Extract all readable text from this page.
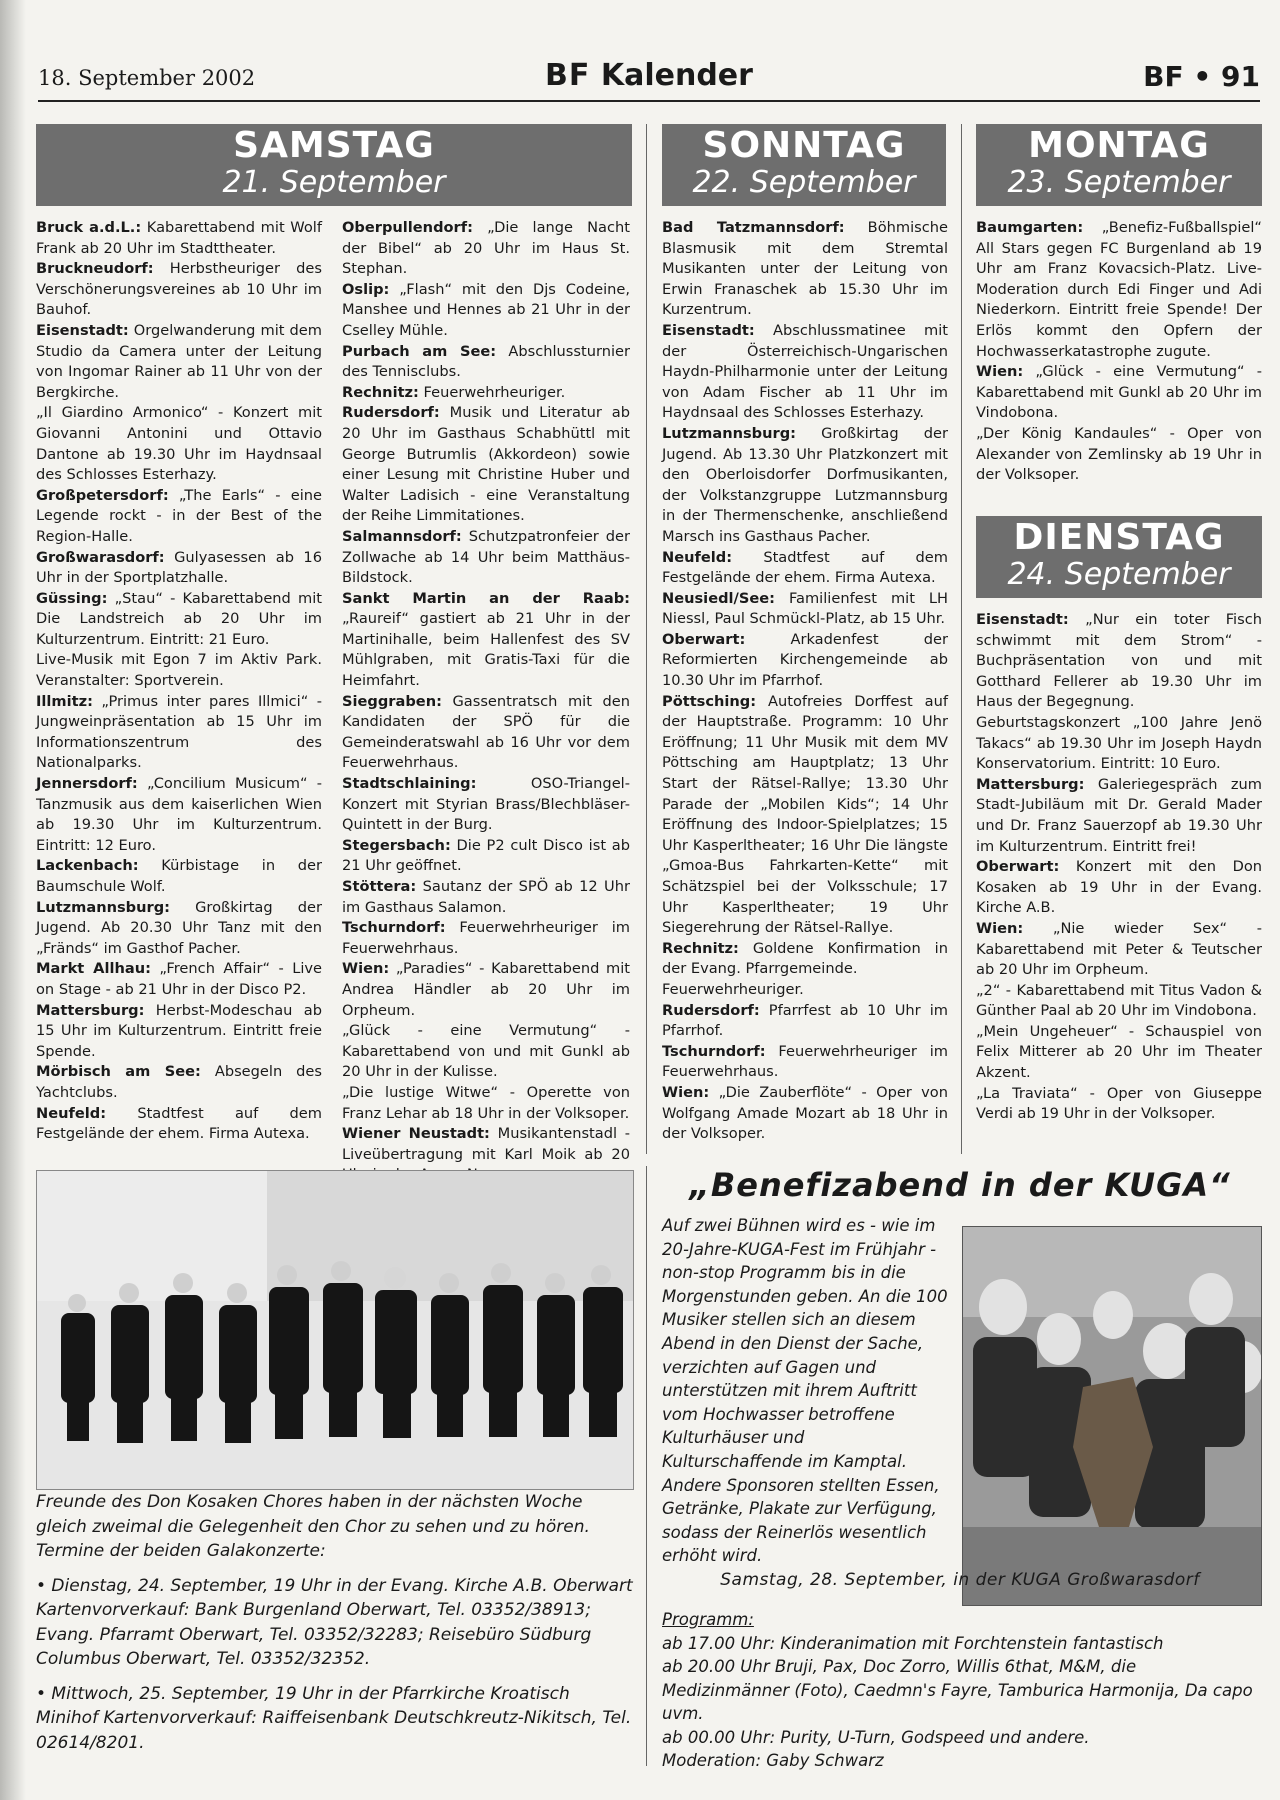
18. September 2002	BF Kalender	BF • 91
SAMSTAG
21. September
SONNTAG
22. September
MONTAG
23. September
DIENSTAG
24. September

Bruck a.d.L.: Kabarettabend mit Wolf Frank ab 20 Uhr im Stadttheater.

Bruckneudorf: Herbstheuriger des Verschönerungsvereines ab 10 Uhr im Bauhof.

Eisenstadt: Orgelwanderung mit dem Studio da Camera unter der Leitung von Ingomar Rainer ab 11 Uhr von der Bergkirche.

„Il Giardino Armonico“ - Konzert mit Giovanni Antonini und Ottavio Dantone ab 19.30 Uhr im Haydnsaal des Schlosses Esterhazy.

Großpetersdorf: „The Earls“ - eine Legende rockt - in der Best of the Region-Halle.

Großwarasdorf: Gulyasessen ab 16 Uhr in der Sportplatzhalle.

Güssing: „Stau“ - Kabarettabend mit Die Landstreich ab 20 Uhr im Kulturzentrum. Eintritt: 21 Euro.

Live-Musik mit Egon 7 im Aktiv Park. Veranstalter: Sportverein.

Illmitz: „Primus inter pares Illmici“ - Jungweinpräsentation ab 15 Uhr im Informationszentrum des Nationalparks.

Jennersdorf: „Concilium Musicum“ - Tanzmusik aus dem kaiserlichen Wien ab 19.30 Uhr im Kulturzentrum. Eintritt: 12 Euro.

Lackenbach: Kürbistage in der Baumschule Wolf.

Lutzmannsburg: Großkirtag der Jugend. Ab 20.30 Uhr Tanz mit den „Fränds“ im Gasthof Pacher.

Markt Allhau: „French Affair“ - Live on Stage - ab 21 Uhr in der Disco P2.

Mattersburg: Herbst-Modeschau ab 15 Uhr im Kulturzentrum. Eintritt freie Spende.

Mörbisch am See: Absegeln des Yachtclubs.

Neufeld: Stadtfest auf dem Festgelände der ehem. Firma Autexa.

Oberpullendorf: „Die lange Nacht der Bibel“ ab 20 Uhr im Haus St. Stephan.

Oslip: „Flash“ mit den Djs Codeine, Manshee und Hennes ab 21 Uhr in der Cselley Mühle.

Purbach am See: Abschlussturnier des Tennisclubs.

Rechnitz: Feuerwehrheuriger.

Rudersdorf: Musik und Literatur ab 20 Uhr im Gasthaus Schabhüttl mit George Butrumlis (Akkordeon) sowie einer Lesung mit Christine Huber und Walter Ladisich - eine Veranstaltung der Reihe Limmitationes.

Salmannsdorf: Schutzpatronfeier der Zollwache ab 14 Uhr beim Matthäus-Bildstock.

Sankt Martin an der Raab: „Raureif“ gastiert ab 21 Uhr in der Martinihalle, beim Hallenfest des SV Mühlgraben, mit Gratis-Taxi für die Heimfahrt.

Sieggraben: Gassentratsch mit den Kandidaten der SPÖ für die Gemeinderatswahl ab 16 Uhr vor dem Feuerwehrhaus.

Stadtschlaining: OSO-Triangel-Konzert mit Styrian Brass/Blechbläser-Quintett in der Burg.

Stegersbach: Die P2 cult Disco ist ab 21 Uhr geöffnet.

Stöttera: Sautanz der SPÖ ab 12 Uhr im Gasthaus Salamon.

Tschurndorf: Feuerwehrheuriger im Feuerwehrhaus.

Wien: „Paradies“ - Kabarettabend mit Andrea Händler ab 20 Uhr im Orpheum.

„Glück - eine Vermutung“ - Kabarettabend von und mit Gunkl ab 20 Uhr in der Kulisse.

„Die lustige Witwe“ - Operette von Franz Lehar ab 18 Uhr in der Volksoper.

Wiener Neustadt: Musikantenstadl - Liveübertragung mit Karl Moik ab 20

Bad Tatzmannsdorf: Böhmische Blasmusik mit dem Stremtal Musikanten unter der Leitung von Erwin Franaschek ab 15.30 Uhr im Kurzentrum.

Eisenstadt: Abschlussmatinee mit der Österreichisch-Ungarischen Haydn-Philharmonie unter der Leitung von Adam Fischer ab 11 Uhr im Haydnsaal des Schlosses Esterhazy.

Lutzmannsburg: Großkirtag der Jugend. Ab 13.30 Uhr Platzkonzert mit den Oberloisdorfer Dorfmusikanten, der Volkstanzgruppe Lutzmannsburg in der Thermenschenke, anschließend Marsch ins Gasthaus Pacher.

Neufeld: Stadtfest auf dem Festgelände der ehem. Firma Autexa.

Neusiedl/See: Familienfest mit LH Niessl, Paul Schmückl-Platz, ab 15 Uhr.

Oberwart: Arkadenfest der Reformierten Kirchengemeinde ab 10.30 Uhr im Pfarrhof.

Pöttsching: Autofreies Dorffest auf der Hauptstraße. Programm: 10 Uhr Eröffnung; 11 Uhr Musik mit dem MV Pöttsching am Hauptplatz; 13 Uhr Start der Rätsel-Rallye; 13.30 Uhr Parade der „Mobilen Kids“; 14 Uhr Eröffnung des Indoor-Spielplatzes; 15 Uhr Kasperltheater; 16 Uhr Die längste „Gmoa-Bus Fahrkarten-Kette“ mit Schätzspiel bei der Volksschule; 17 Uhr Kasperltheater; 19 Uhr Siegerehrung der Rätsel-Rallye.

Rechnitz: Goldene Konfirmation in der Evang. Pfarrgemeinde.

Feuerwehrheuriger.

Rudersdorf: Pfarrfest ab 10 Uhr im Pfarrhof.

Tschurndorf: Feuerwehrheuriger im Feuerwehrhaus.

Wien: „Die Zauberflöte“ - Oper von Wolfgang Amade Mozart ab 18 Uhr in der Volksoper.

Baumgarten: „Benefiz-Fußballspiel“ All Stars gegen FC Burgenland ab 19 Uhr am Franz Kovacsich-Platz. Live-Moderation durch Edi Finger und Adi Niederkorn. Eintritt freie Spende! Der Erlös kommt den Opfern der Hochwasserkatastrophe zugute.

Wien: „Glück - eine Vermutung“ - Kabarettabend mit Gunkl ab 20 Uhr im Vindobona.

„Der König Kandaules“ - Oper von Alexander von Zemlinsky ab 19 Uhr in der Volksoper.

Eisenstadt: „Nur ein toter Fisch schwimmt mit dem Strom“ - Buchpräsentation von und mit Gotthard Fellerer ab 19.30 Uhr im Haus der Begegnung.

Geburtstagskonzert „100 Jahre Jenö Takacs“ ab 19.30 Uhr im Joseph Haydn Konservatorium. Eintritt: 10 Euro.

Mattersburg: Galeriegespräch zum Stadt-Jubiläum mit Dr. Gerald Mader und Dr. Franz Sauerzopf ab 19.30 Uhr im Kulturzentrum. Eintritt frei!

Oberwart: Konzert mit den Don Kosaken ab 19 Uhr in der Evang. Kirche A.B.

Wien: „Nie wieder Sex“ - Kabarettabend mit Peter & Teutscher ab 20 Uhr im Orpheum.

„2“ - Kabarettabend mit Titus Vadon & Günther Paal ab 20 Uhr im Vindobona.

„Mein Ungeheuer“ - Schauspiel von Felix Mitterer ab 20 Uhr im Theater Akzent.

„La Traviata“ - Oper von Giuseppe Verdi ab 19 Uhr in der Volksoper.

Freunde des Don Kosaken Chores haben in der nächsten Woche gleich zweimal die Gelegenheit den Chor zu sehen und zu hören. Termine der beiden Galakonzerte:

• Dienstag, 24. September, 19 Uhr in der Evang. Kirche A.B. Oberwart Kartenvorverkauf: Bank Burgenland Oberwart, Tel. 03352/38913; Evang. Pfarramt Oberwart, Tel. 03352/32283; Reisebüro Südburg Columbus Oberwart, Tel. 03352/32352.

• Mittwoch, 25. September, 19 Uhr in der Pfarrkirche Kroatisch Minihof Kartenvorverkauf: Raiffeisenbank Deutschkreutz-Nikitsch, Tel. 02614/8201.

„Benefizabend in der KUGA“
Auf zwei Bühnen wird es - wie im 20-Jahre-KUGA-Fest im Frühjahr - non-stop Programm bis in die Morgenstunden geben. An die 100 Musiker stellen sich an diesem Abend in den Dienst der Sache, verzichten auf Gagen und unterstützen mit ihrem Auftritt vom Hochwasser betroffene Kulturhäuser und Kulturschaffende im Kamptal. Andere Sponsoren stellten Essen, Getränke, Plakate zur Verfügung, sodass der Reinerlös wesentlich erhöht wird.
Samstag, 28. September, in der KUGA Großwarasdorf
Programm:
ab 17.00 Uhr: Kinderanimation mit Forchtenstein fantastisch
ab 20.00 Uhr Bruji, Pax, Doc Zorro, Willis 6that, M&M, die Medizinmänner (Foto), Caedmn's Fayre, Tamburica Harmonija, Da capo uvm.
ab 00.00 Uhr: Purity, U-Turn, Godspeed und andere.
Moderation: Gaby Schwarz
